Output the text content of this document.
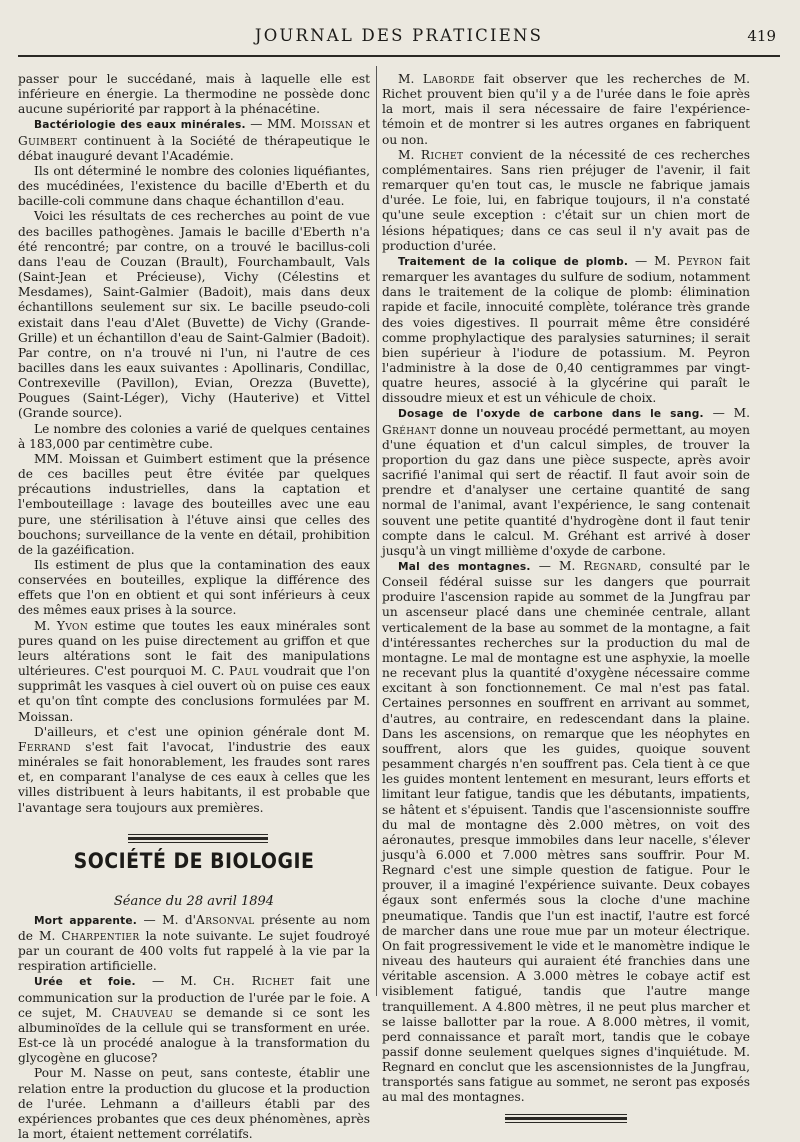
JOURNAL DES PRATICIENS	419

passer pour le succédané, mais à laquelle elle est inférieure en énergie. La thermodine ne possède donc aucune supériorité par rapport à la phénacétine.

Bactériologie des eaux minérales. — MM. Moissan et Guimbert continuent à la Société de thérapeutique le débat inauguré devant l'Académie.

Ils ont déterminé le nombre des colonies liquéfiantes, des mucédinées, l'existence du bacille d'Eberth et du bacille-coli commune dans chaque échantillon d'eau.

Voici les résultats de ces recherches au point de vue des bacilles pathogènes. Jamais le bacille d'Eberth n'a été rencontré; par contre, on a trouvé le bacillus-coli dans l'eau de Couzan (Brault), Fourchambault, Vals (Saint-Jean et Précieuse), Vichy (Célestins et Mesdames), Saint-Galmier (Badoit), mais dans deux échantillons seulement sur six. Le bacille pseudo-coli existait dans l'eau d'Alet (Buvette) de Vichy (Grande-Grille) et un échantillon d'eau de Saint-Galmier (Badoit). Par contre, on n'a trouvé ni l'un, ni l'autre de ces bacilles dans les eaux suivantes : Apollinaris, Condillac, Contrexeville (Pavillon), Evian, Orezza (Buvette), Pougues (Saint-Léger), Vichy (Hauterive) et Vittel (Grande source).

Le nombre des colonies a varié de quelques centaines à 183,000 par centimètre cube.

MM. Moissan et Guimbert estiment que la présence de ces bacilles peut être évitée par quelques précautions industrielles, dans la captation et l'embouteillage : lavage des bouteilles avec une eau pure, une stérilisation à l'étuve ainsi que celles des bouchons; surveillance de la vente en détail, prohibition de la gazéification.

Ils estiment de plus que la contamination des eaux conservées en bouteilles, explique la différence des effets que l'on en obtient et qui sont inférieurs à ceux des mêmes eaux prises à la source.

M. Yvon estime que toutes les eaux minérales sont pures quand on les puise directement au griffon et que leurs altérations sont le fait des manipulations ultérieures. C'est pourquoi M. C. Paul voudrait que l'on supprimât les vasques à ciel ouvert où on puise ces eaux et qu'on tînt compte des conclusions formulées par M. Moissan.

D'ailleurs, et c'est une opinion générale dont M. Ferrand s'est fait l'avocat, l'industrie des eaux minérales se fait honorablement, les fraudes sont rares et, en comparant l'analyse de ces eaux à celles que les villes distribuent à leurs habitants, il est probable que l'avantage sera toujours aux premières.

SOCIÉTÉ DE BIOLOGIE
Séance du 28 avril 1894

Mort apparente. — M. d'Arsonval présente au nom de M. Charpentier la note suivante. Le sujet foudroyé par un courant de 400 volts fut rappelé à la vie par la respiration artificielle.

Urée et foie. — M. Ch. Richet fait une communication sur la production de l'urée par le foie. A ce sujet, M. Chauveau se demande si ce sont les albuminoïdes de la cellule qui se transforment en urée. Est-ce là un procédé analogue à la transformation du glycogène en glucose?

Pour M. Nasse on peut, sans conteste, établir une relation entre la production du glucose et la production de l'urée. Lehmann a d'ailleurs établi par des expériences probantes que ces deux phénomènes, après la mort, étaient nettement corrélatifs.

M. Laborde fait observer que les recherches de M. Richet prouvent bien qu'il y a de l'urée dans le foie après la mort, mais il sera nécessaire de faire l'expérience-témoin et de montrer si les autres organes en fabriquent ou non.

M. Richet convient de la nécessité de ces recherches complémentaires. Sans rien préjuger de l'avenir, il fait remarquer qu'en tout cas, le muscle ne fabrique jamais d'urée. Le foie, lui, en fabrique toujours, il n'a constaté qu'une seule exception : c'était sur un chien mort de lésions hépatiques; dans ce cas seul il n'y avait pas de production d'urée.

Traitement de la colique de plomb. — M. Peyron fait remarquer les avantages du sulfure de sodium, notamment dans le traitement de la colique de plomb: élimination rapide et facile, innocuité complète, tolérance très grande des voies digestives. Il pourrait même être considéré comme prophylactique des paralysies saturnines; il serait bien supérieur à l'iodure de potassium. M. Peyron l'administre à la dose de 0,40 centigrammes par vingt-quatre heures, associé à la glycérine qui paraît le dissoudre mieux et est un véhicule de choix.

Dosage de l'oxyde de carbone dans le sang. — M. Gréhant donne un nouveau procédé permettant, au moyen d'une équation et d'un calcul simples, de trouver la proportion du gaz dans une pièce suspecte, après avoir sacrifié l'animal qui sert de réactif. Il faut avoir soin de prendre et d'analyser une certaine quantité de sang normal de l'animal, avant l'expérience, le sang contenait souvent une petite quantité d'hydrogène dont il faut tenir compte dans le calcul. M. Gréhant est arrivé à doser jusqu'à un vingt millième d'oxyde de carbone.

Mal des montagnes. — M. Regnard, consulté par le Conseil fédéral suisse sur les dangers que pourrait produire l'ascension rapide au sommet de la Jungfrau par un ascenseur placé dans une cheminée centrale, allant verticalement de la base au sommet de la montagne, a fait d'intéressantes recherches sur la production du mal de montagne. Le mal de montagne est une asphyxie, la moelle ne recevant plus la quantité d'oxygène nécessaire comme excitant à son fonctionnement. Ce mal n'est pas fatal. Certaines personnes en souffrent en arrivant au sommet, d'autres, au contraire, en redescendant dans la plaine. Dans les ascensions, on remarque que les néophytes en souffrent, alors que les guides, quoique souvent pesamment chargés n'en souffrent pas. Cela tient à ce que les guides montent lentement en mesurant, leurs efforts et limitant leur fatigue, tandis que les débutants, impatients, se hâtent et s'épuisent. Tandis que l'ascensionniste souffre du mal de montagne dès 2.000 mètres, on voit des aéronautes, presque immobiles dans leur nacelle, s'élever jusqu'à 6.000 et 7.000 mètres sans souffrir. Pour M. Regnard c'est une simple question de fatigue. Pour le prouver, il a imaginé l'expérience suivante. Deux cobayes égaux sont enfermés sous la cloche d'une machine pneumatique. Tandis que l'un est inactif, l'autre est forcé de marcher dans une roue mue par un moteur électrique. On fait progressivement le vide et le manomètre indique le niveau des hauteurs qui auraient été franchies dans une véritable ascension. A 3.000 mètres le cobaye actif est visiblement fatigué, tandis que l'autre mange tranquillement. A 4.800 mètres, il ne peut plus marcher et se laisse ballotter par la roue. A 8.000 mètres, il vomit, perd connaissance et paraît mort, tandis que le cobaye passif donne seulement quelques signes d'inquiétude. M. Regnard en conclut que les ascensionnistes de la Jungfrau, transportés sans fatigue au sommet, ne seront pas exposés au mal des montagnes.
